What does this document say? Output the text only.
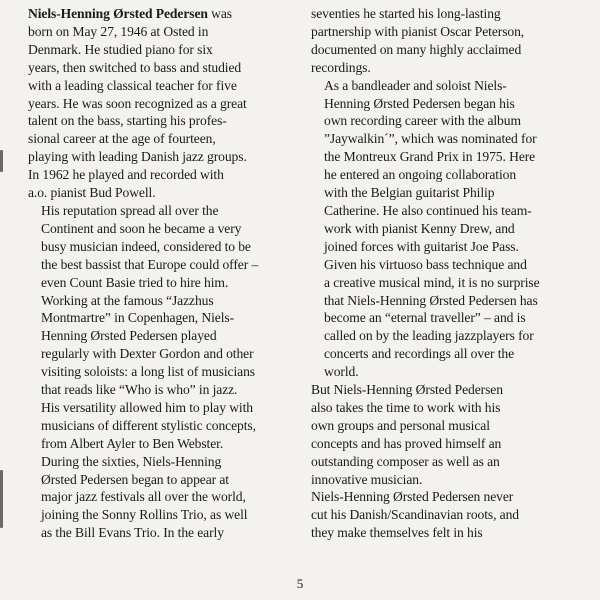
Niels-Henning Ørsted Pedersen was
born on May 27, 1946 at Osted in
Denmark. He studied piano for six
years, then switched to bass and studied
with a leading classical teacher for five
years. He was soon recognized as a great
talent on the bass, starting his profes-
sional career at the age of fourteen,
playing with leading Danish jazz groups.
In 1962 he played and recorded with
a.o. pianist Bud Powell.

His reputation spread all over the
Continent and soon he became a very
busy musician indeed, considered to be
the best bassist that Europe could offer –
even Count Basie tried to hire him.
Working at the famous “Jazzhus
Montmartre” in Copenhagen, Niels-
Henning Ørsted Pedersen played
regularly with Dexter Gordon and other
visiting soloists: a long list of musicians
that reads like “Who is who” in jazz.
His versatility allowed him to play with
musicians of different stylistic concepts,
from Albert Ayler to Ben Webster.

During the sixties, Niels-Henning
Ørsted Pedersen began to appear at
major jazz festivals all over the world,
joining the Sonny Rollins Trio, as well
as the Bill Evans Trio. In the early

seventies he started his long-lasting
partnership with pianist Oscar Peterson,
documented on many highly acclaimed
recordings.

As a bandleader and soloist Niels-
Henning Ørsted Pedersen began his
own recording career with the album
”Jaywalkin´”, which was nominated for
the Montreux Grand Prix in 1975. Here
he entered an ongoing collaboration
with the Belgian guitarist Philip
Catherine. He also continued his team-
work with pianist Kenny Drew, and
joined forces with guitarist Joe Pass.

Given his virtuoso bass technique and
a creative musical mind, it is no surprise
that Niels-Henning Ørsted Pedersen has
become an “eternal traveller” – and is
called on by the leading jazzplayers for
concerts and recordings all over the
world.

But Niels-Henning Ørsted Pedersen
also takes the time to work with his
own groups and personal musical
concepts and has proved himself an
outstanding composer as well as an
innovative musician.

Niels-Henning Ørsted Pedersen never
cut his Danish/Scandinavian roots, and
they make themselves felt in his

5
